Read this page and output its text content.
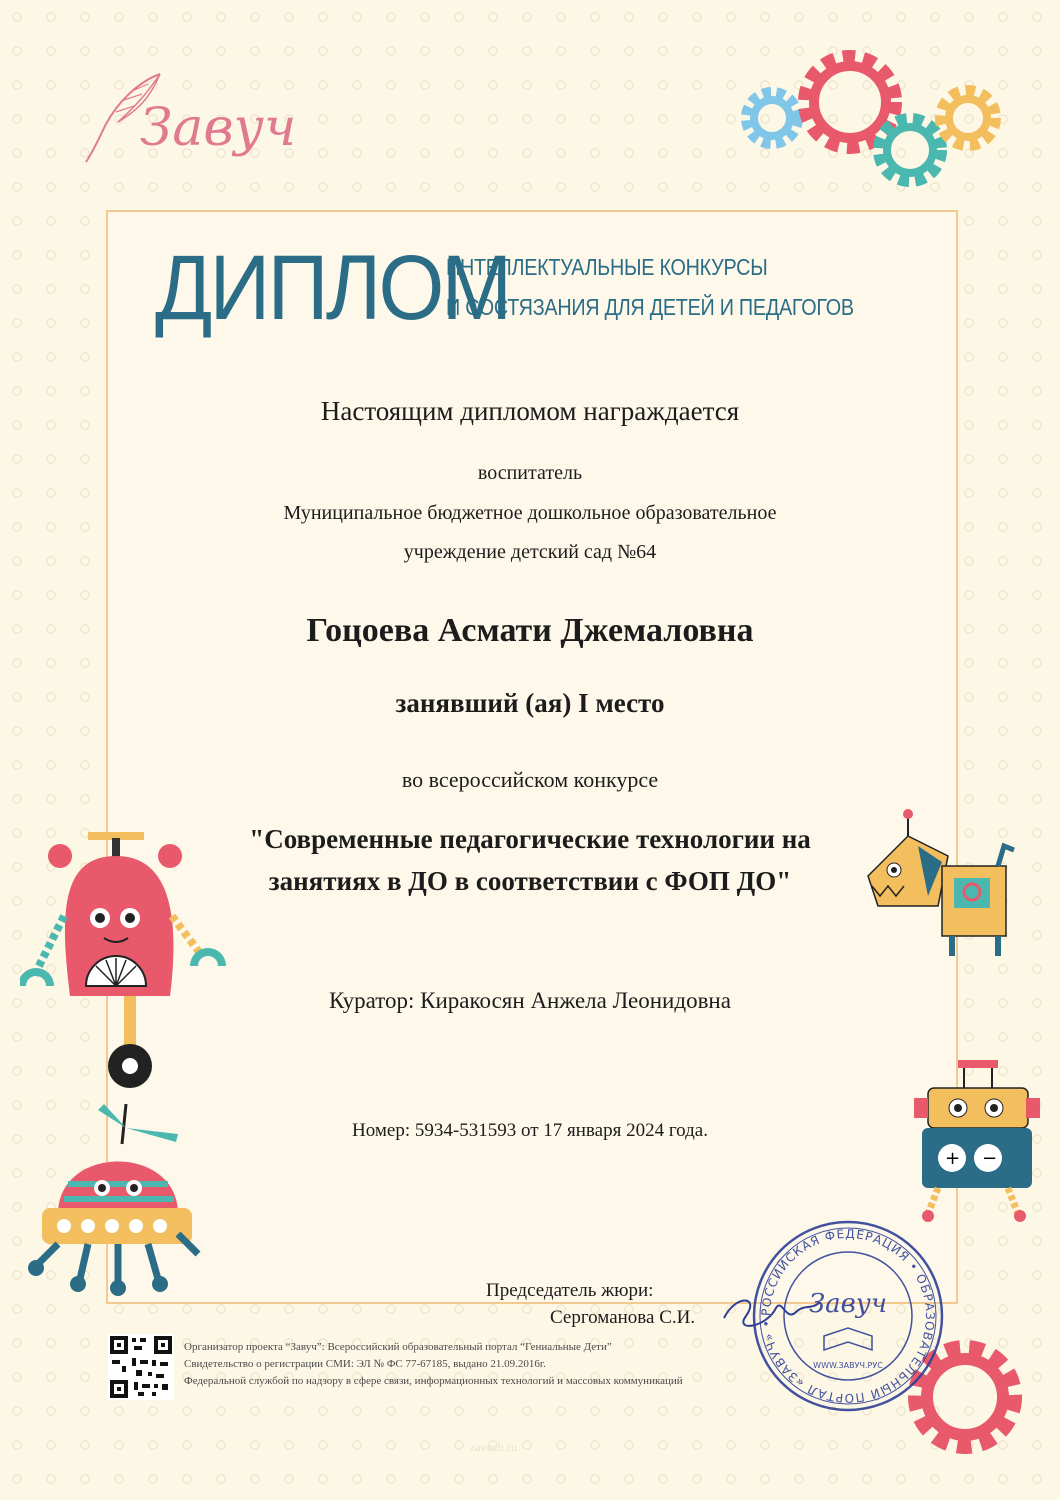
Завуч
ДИПЛОМ
ИНТЕЛЛЕКТУАЛЬНЫЕ КОНКУРСЫ
И СОСТЯЗАНИЯ ДЛЯ ДЕТЕЙ И ПЕДАГОГОВ
Настоящим дипломом награждается
воспитатель
Муниципальное бюджетное дошкольное образовательное
учреждение детский сад №64
Гоцоева Асмати Джемаловна
занявший (ая) I место
во всероссийском конкурсе
"Современные педагогические технологии на
занятиях в ДО в соответствии с ФОП ДО"
Куратор: Киракосян Анжела Леонидовна
Номер: 5934-531593 от 17 января 2024 года.
+ −
РОССИЙСКАЯ ФЕДЕРАЦИЯ • ОБРАЗОВАТЕЛЬНЫЙ ПОРТАЛ «ЗАВУЧ» •
Завуч
WWW.ЗАВУЧ.РУС
Председатель жюри:
Сергоманова С.И.
Организатор проекта “Завуч”: Всероссийский образовательный портал “Гениальные Дети”
Свидетельство о регистрации СМИ: ЭЛ № ФС 77-67185, выдано 21.09.2016г.
Федеральной службой по надзору в сфере связи, информационных технологий и массовых коммуникаций
zavuch.ru
